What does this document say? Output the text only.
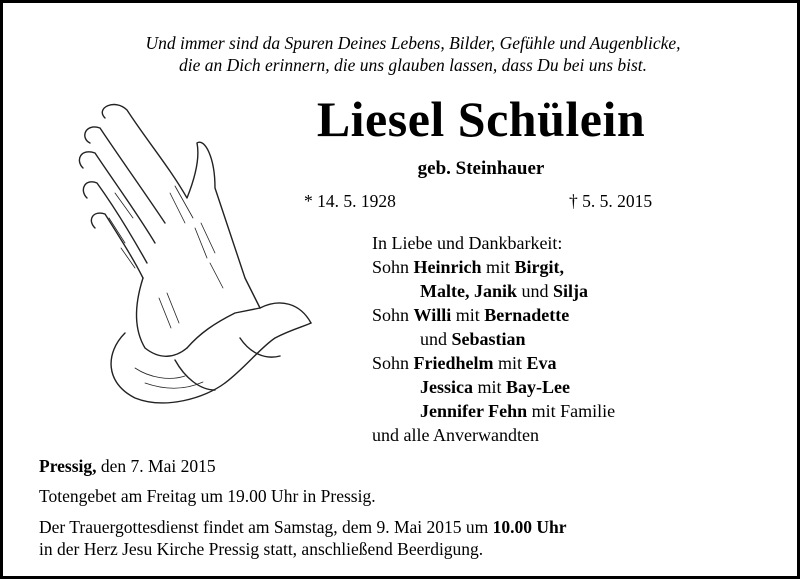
Und immer sind da Spuren Deines Lebens, Bilder, Gefühle und Augenblicke,
die an Dich erinnern, die uns glauben lassen, dass Du bei uns bist.
Liesel Schülein
geb. Steinhauer
* 14. 5. 1928	† 5. 5. 2015
In Liebe und Dankbarkeit:
Sohn Heinrich mit Birgit,
Malte, Janik und Silja
Sohn Willi mit Bernadette
und Sebastian
Sohn Friedhelm mit Eva
Jessica mit Bay-Lee
Jennifer Fehn mit Familie
und alle Anverwandten
Pressig, den 7. Mai 2015
Totengebet am Freitag um 19.00 Uhr in Pressig.
Der Trauergottesdienst findet am Samstag, dem 9. Mai 2015 um 10.00 Uhr
in der Herz Jesu Kirche Pressig statt, anschließend Beerdigung.
